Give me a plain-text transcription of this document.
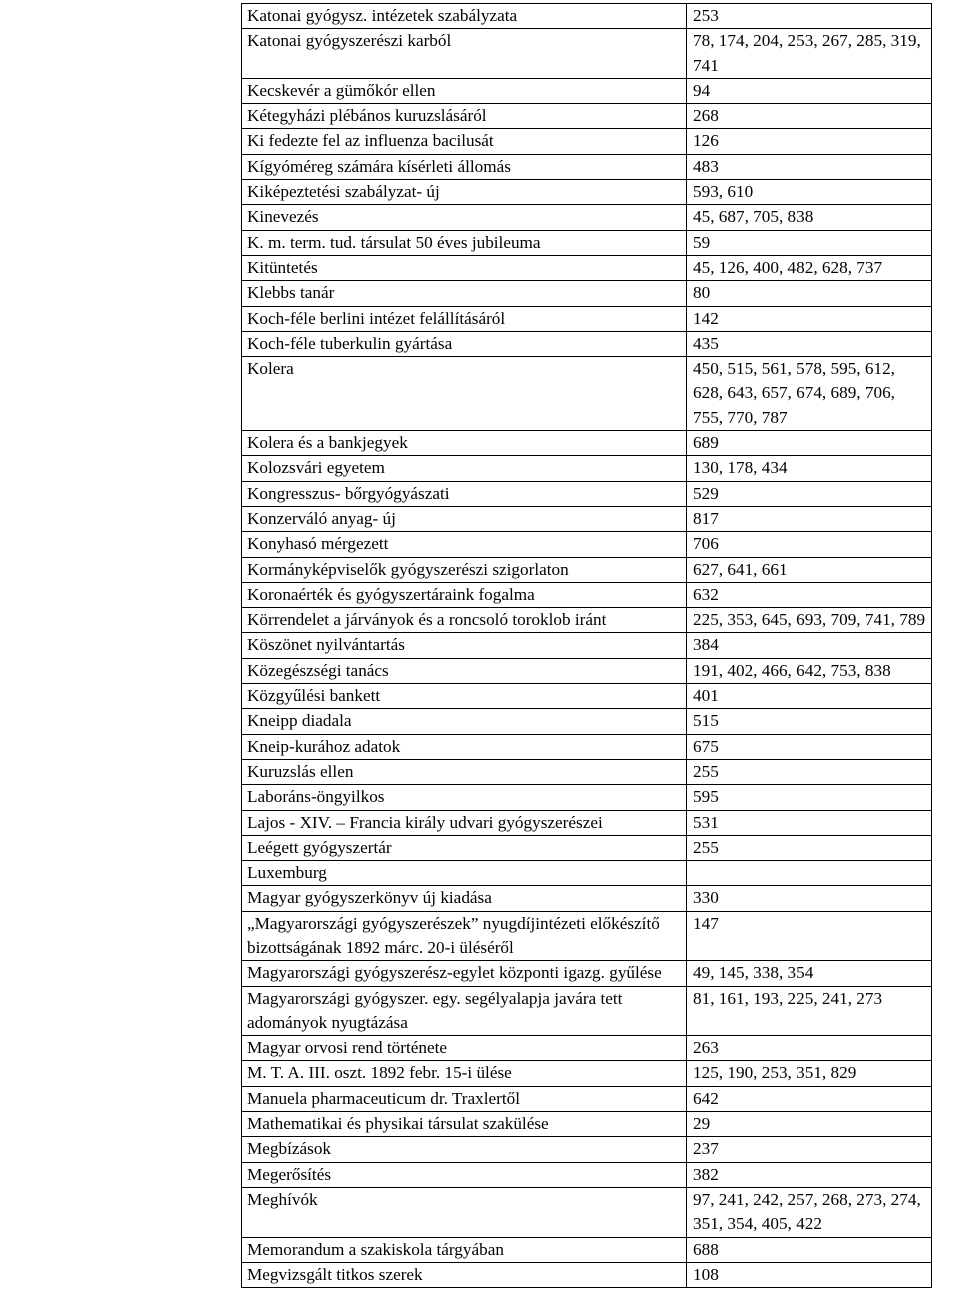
Katonai gyógysz. intézetek szabályzata	253
Katonai gyógyszerészi karból	78, 174, 204, 253, 267, 285, 319, 741
Kecskevér a gümőkór ellen	94
Kétegyházi plébános kuruzslásáról	268
Ki fedezte fel az influenza bacilusát	126
Kígyóméreg számára kísérleti állomás	483
Kiképeztetési szabályzat- új	593, 610
Kinevezés	45, 687, 705, 838
K. m. term. tud. társulat 50 éves jubileuma	59
Kitüntetés	45, 126, 400, 482, 628, 737
Klebbs tanár	80
Koch-féle berlini intézet felállításáról	142
Koch-féle tuberkulin gyártása	435
Kolera	450, 515, 561, 578, 595, 612, 628, 643, 657, 674, 689, 706, 755, 770, 787
Kolera és a bankjegyek	689
Kolozsvári egyetem	130, 178, 434
Kongresszus- bőrgyógyászati	529
Konzerváló anyag- új	817
Konyhasó mérgezett	706
Kormányképviselők gyógyszerészi szigorlaton	627, 641, 661
Koronaérték és gyógyszertáraink fogalma	632
Körrendelet a járványok és a roncsoló toroklob iránt	225, 353, 645, 693, 709, 741, 789
Köszönet nyilvántartás	384
Közegészségi tanács	191, 402, 466, 642, 753, 838
Közgyűlési bankett	401
Kneipp diadala	515
Kneip-kurához adatok	675
Kuruzslás ellen	255
Laboráns-öngyilkos	595
Lajos - XIV. – Francia király udvari gyógyszerészei	531
Leégett gyógyszertár	255
Luxemburg	
Magyar gyógyszerkönyv új kiadása	330
„Magyarországi gyógyszerészek” nyugdíjintézeti előkészítő bizottságának 1892 márc. 20-i üléséről	147
Magyarországi gyógyszerész-egylet központi igazg. gyűlése	49, 145, 338, 354
Magyarországi gyógyszer. egy. segélyalapja javára tett adományok nyugtázása	81, 161, 193, 225, 241, 273
Magyar orvosi rend története	263
M. T. A. III. oszt. 1892 febr. 15-i ülése	125, 190, 253, 351, 829
Manuela pharmaceuticum dr. Traxlertől	642
Mathematikai és physikai társulat szakülése	29
Megbízások	237
Megerősítés	382
Meghívók	97, 241, 242, 257, 268, 273, 274, 351, 354, 405, 422
Memorandum a szakiskola tárgyában	688
Megvizsgált titkos szerek	108
